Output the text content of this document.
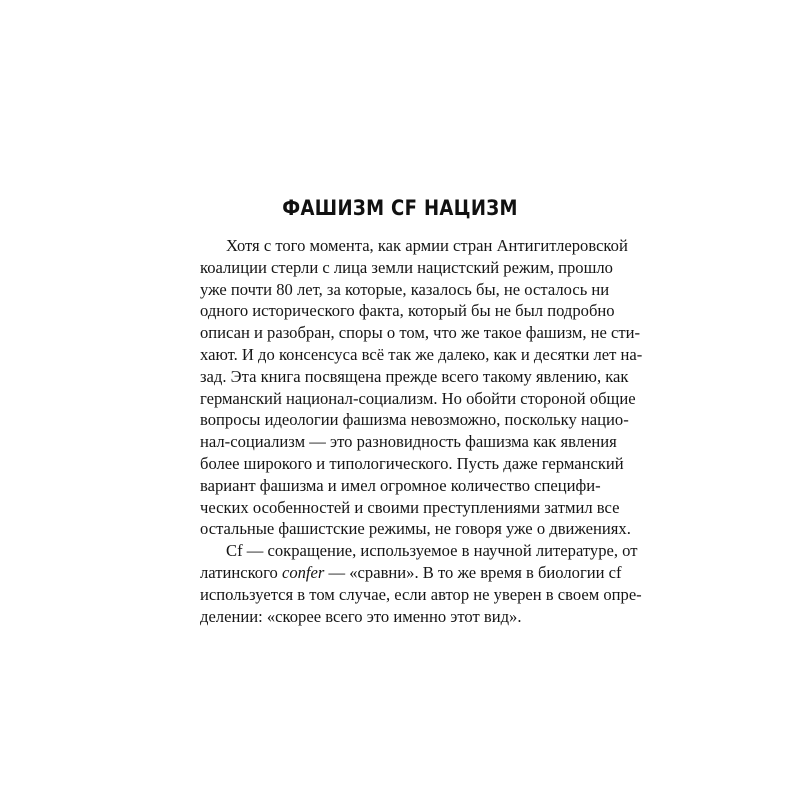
ФАШИЗМ CF НАЦИЗМ
Хотя с того момента, как армии стран Антигитлеровской
коалиции стерли с лица земли нацистский режим, прошло
уже почти 80 лет, за которые, казалось бы, не осталось ни
одного исторического факта, который бы не был подробно
описан и разобран, споры о том, что же такое фашизм, не сти-
хают. И до консенсуса всё так же далеко, как и десятки лет на-
зад. Эта книга посвящена прежде всего такому явлению, как
германский национал-социализм. Но обойти стороной общие
вопросы идеологии фашизма невозможно, поскольку нацио-
нал-социализм — это разновидность фашизма как явления
более широкого и типологического. Пусть даже германский
вариант фашизма и имел огромное количество специфи-
ческих особенностей и своими преступлениями затмил все
остальные фашистские режимы, не говоря уже о движениях.
Cf — сокращение, используемое в научной литературе, от
латинского confer — «сравни». В то же время в биологии cf
используется в том случае, если автор не уверен в своем опре-
делении: «скорее всего это именно этот вид».
